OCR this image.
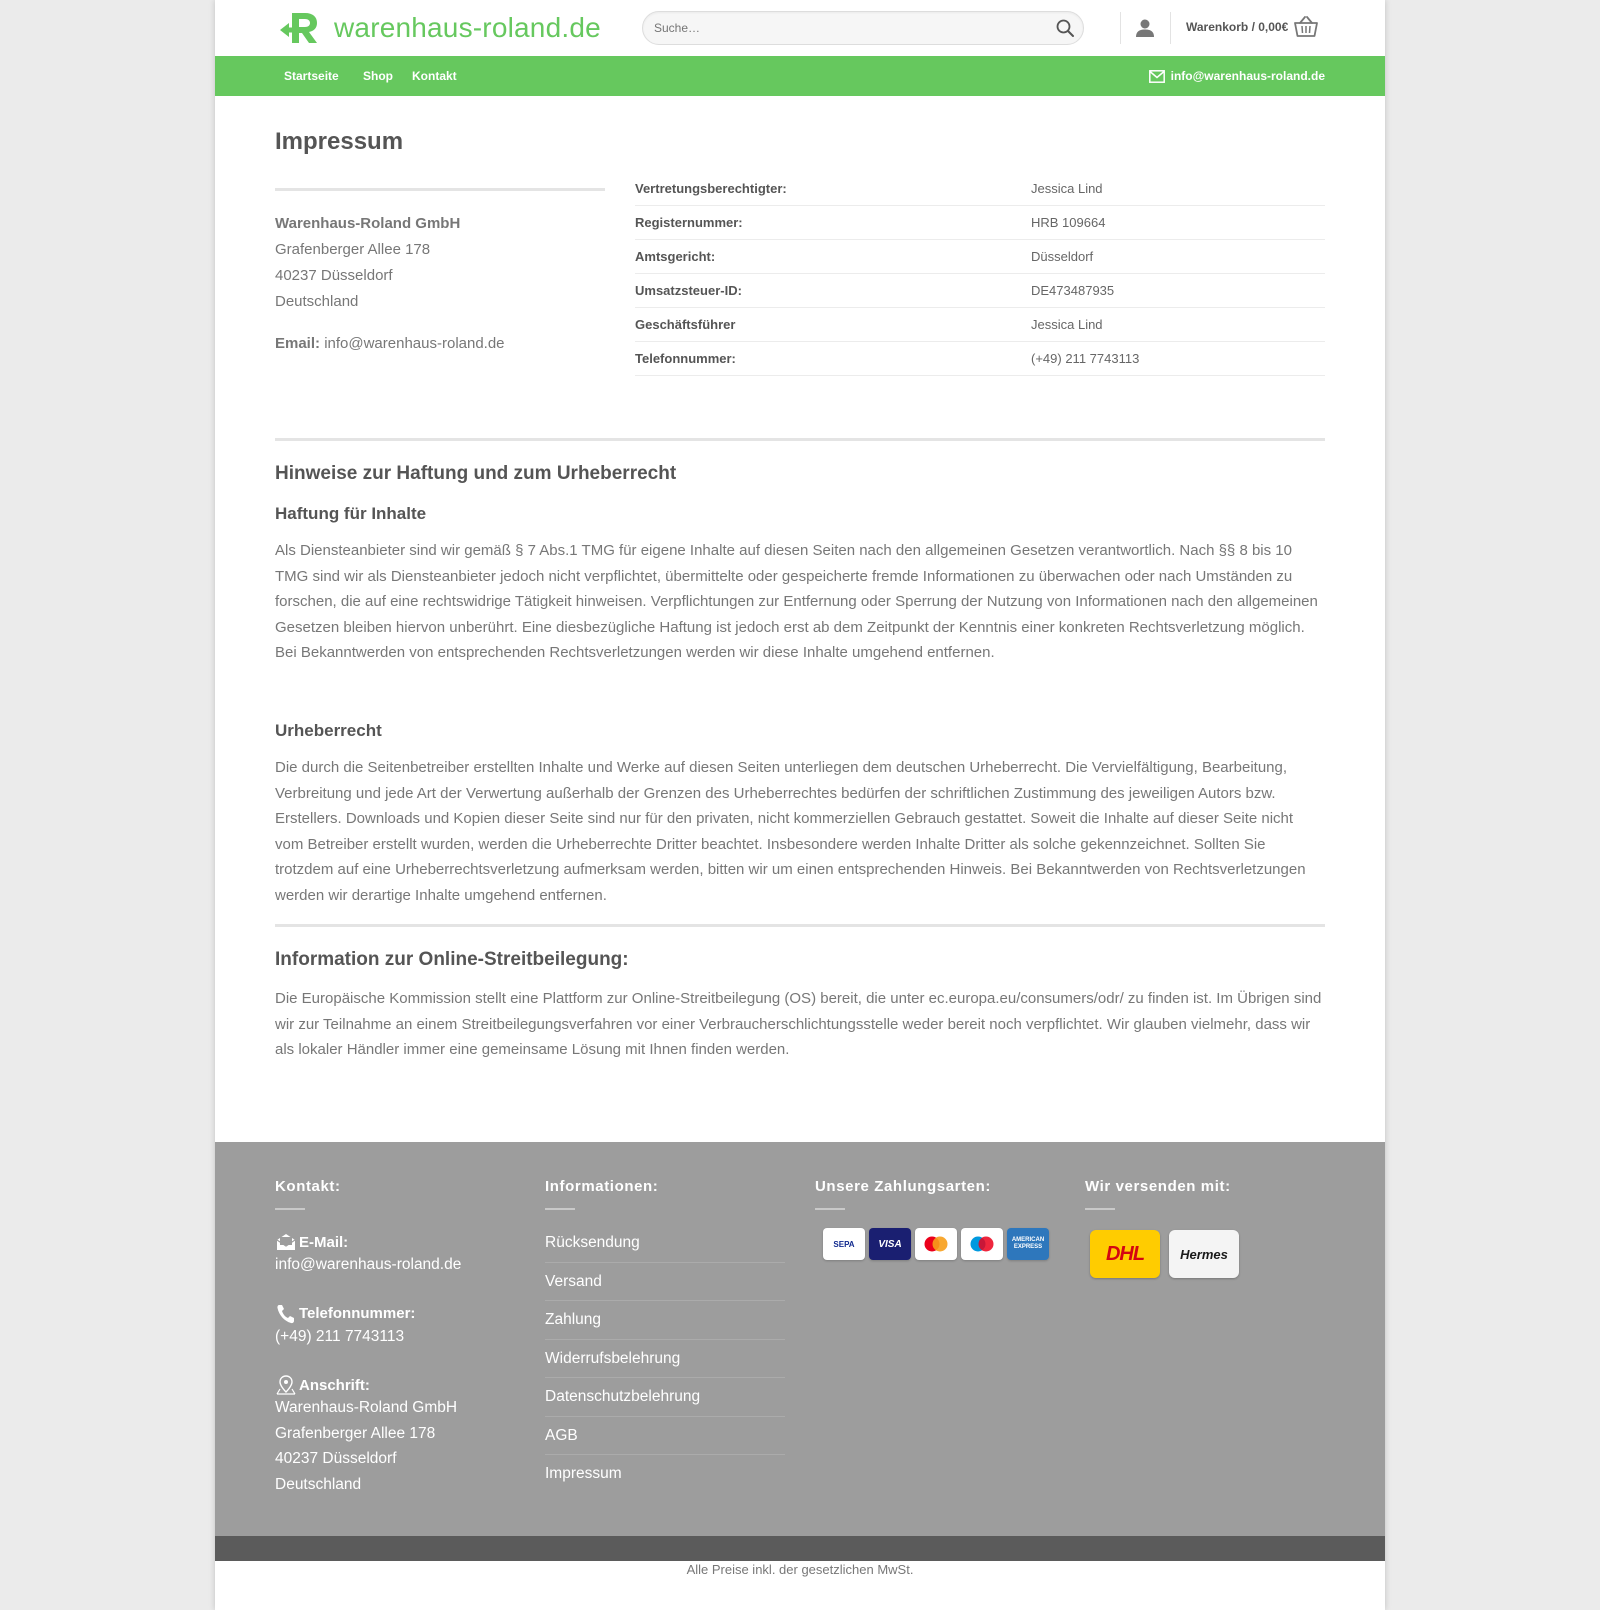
warenhaus-roland.de
Suche…	Warenkorb / 0,00€
Startseite Shop Kontakt	info@warenhaus-roland.de
Impressum

Warenhaus-Roland GmbH

Grafenberger Allee 178

40237 Düsseldorf

Deutschland

Email: info@warenhaus-roland.de
Vertretungsberechtigter:	Jessica Lind
Registernummer:	HRB 109664
Amtsgericht:	Düsseldorf
Umsatzsteuer-ID:	DE473487935
Geschäftsführer	Jessica Lind
Telefonnummer:	(+49) 211 7743113
Hinweise zur Haftung und zum Urheberrecht
Haftung für Inhalte

Als Diensteanbieter sind wir gemäß § 7 Abs.1 TMG für eigene Inhalte auf diesen Seiten nach den allgemeinen Gesetzen verantwortlich. Nach §§ 8 bis 10 TMG sind wir als Diensteanbieter jedoch nicht verpflichtet, übermittelte oder gespeicherte fremde Informationen zu überwachen oder nach Umständen zu forschen, die auf eine rechtswidrige Tätigkeit hinweisen. Verpflichtungen zur Entfernung oder Sperrung der Nutzung von Informationen nach den allgemeinen Gesetzen bleiben hiervon unberührt. Eine diesbezügliche Haftung ist jedoch erst ab dem Zeitpunkt der Kenntnis einer konkreten Rechtsverletzung möglich. Bei Bekanntwerden von entsprechenden Rechtsverletzungen werden wir diese Inhalte umgehend entfernen.

Urheberrecht

Die durch die Seitenbetreiber erstellten Inhalte und Werke auf diesen Seiten unterliegen dem deutschen Urheberrecht. Die Vervielfältigung, Bearbeitung, Verbreitung und jede Art der Verwertung außerhalb der Grenzen des Urheberrechtes bedürfen der schriftlichen Zustimmung des jeweiligen Autors bzw. Erstellers. Downloads und Kopien dieser Seite sind nur für den privaten, nicht kommerziellen Gebrauch gestattet. Soweit die Inhalte auf dieser Seite nicht vom Betreiber erstellt wurden, werden die Urheberrechte Dritter beachtet. Insbesondere werden Inhalte Dritter als solche gekennzeichnet. Sollten Sie trotzdem auf eine Urheberrechtsverletzung aufmerksam werden, bitten wir um einen entsprechenden Hinweis. Bei Bekanntwerden von Rechtsverletzungen werden wir derartige Inhalte umgehend entfernen.

Information zur Online-Streitbeilegung:

Die Europäische Kommission stellt eine Plattform zur Online-Streitbeilegung (OS) bereit, die unter ec.europa.eu/consumers/odr/ zu finden ist. Im Übrigen sind wir zur Teilnahme an einem Streitbeilegungsverfahren vor einer Verbraucherschlichtungsstelle weder bereit noch verpflichtet. Wir glauben vielmehr, dass wir als lokaler Händler immer eine gemeinsame Lösung mit Ihnen finden werden.

Kontakt:
E-Mail:
info@warenhaus-roland.de
Telefonnummer:
(+49) 211 7743113
Anschrift:
Warenhaus-Roland GmbH
Grafenberger Allee 178
40237 Düsseldorf
Deutschland
Informationen:
Rücksendung
Versand
Zahlung
Widerrufsbelehrung
Datenschutzbelehrung
AGB
Impressum
Unsere Zahlungsarten:
SEPA VISA	AMERICAN EXPRESS
Wir versenden mit:
DHL	Hermes
Alle Preise inkl. der gesetzlichen MwSt.
